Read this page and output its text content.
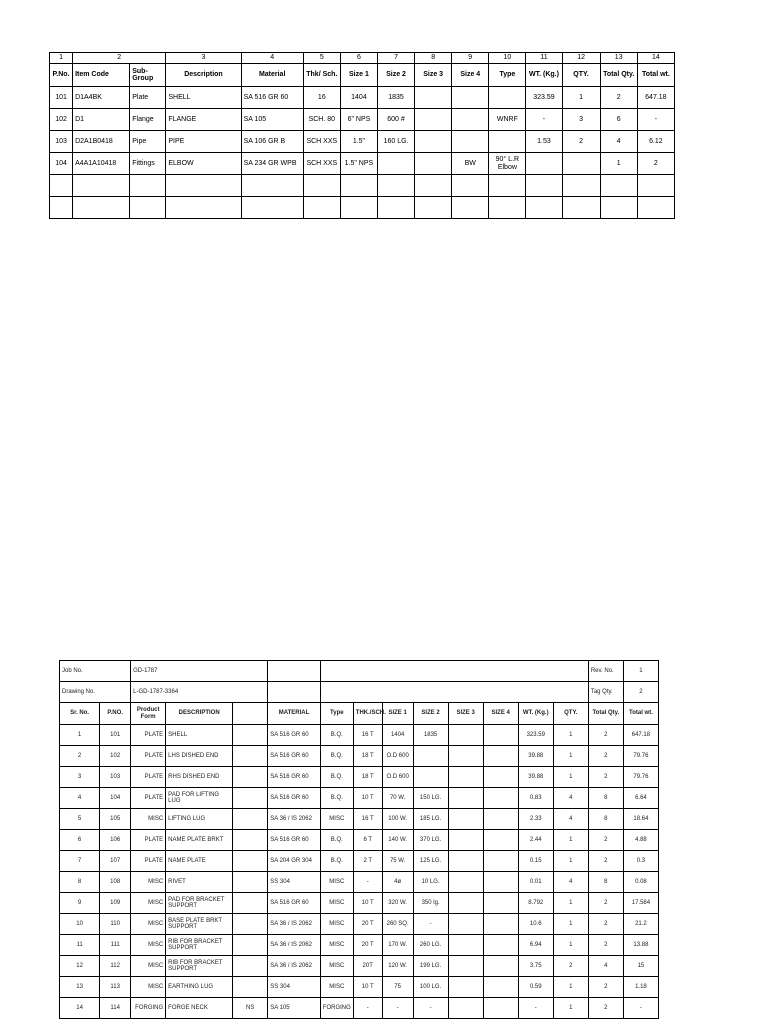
1	2		3	4	5	6	7	8	9	10	11	12	13	14
P.No.	Item Code	Sub-Group	Description	Material	Thk/ Sch.	Size 1	Size 2	Size 3	Size 4	Type	WT. (Kg.)	QTY.	Total Qty.	Total wt.
101	D1A4BK	Plate	SHELL	SA 516 GR 60	16	1404	1835				323.59	1	2	647.18
102	D1	Flange	FLANGE	SA 105	SCH. 80	6" NPS	600 #			WNRF	-	3	6	-
103	D2A1B0418	Pipe	PIPE	SA 106 GR B	SCH XXS	1.5"	160 LG.				1.53	2	4	6.12
104	A4A1A10418	Fittings	ELBOW	SA 234 GR WPB	SCH XXS	1.5" NPS			BW	90° L.R Elbow			1	2

Job No.		GD-1787												Rev. No.	1
Drawing No.		L-GD-1787-3364												Tag Qty.	2
Sr. No.	P.NO.	Product Form	DESCRIPTION		MATERIAL	Type	THK./SCH.	SIZE 1	SIZE 2	SIZE 3	SIZE 4	WT. (Kg.)	QTY.	Total Qty.	Total wt.
1	101	PLATE	SHELL		SA 516 GR 60	B.Q.	16 T	1404	1835			323.59	1	2	647.18
2	102	PLATE	LHS DISHED END		SA 516 GR 60	B.Q.	18 T	O.D 600				39.88	1	2	79.76
3	103	PLATE	RHS DISHED END		SA 516 GR 60	B.Q.	18 T	O.D 600				39.88	1	2	79.76
4	104	PLATE	PAD FOR LIFTING LUG		SA 516 GR 60	B.Q.	10 T	70 W.	150 LG.			0.83	4	8	6.64
5	105	MISC	LIFTING LUG		SA 36 / IS 2062	MISC	16 T	100 W.	185 LG.			2.33	4	8	18.64
6	106	PLATE	NAME PLATE BRKT		SA 516 GR 60	B.Q.	6 T	140 W.	370 LG.			2.44	1	2	4.88
7	107	PLATE	NAME PLATE		SA 204 GR 304	B.Q.	2 T	75 W.	125 LG.			0.15	1	2	0.3
8	108	MISC	RIVET		SS 304	MISC	-	4ø	10 LG.			0.01	4	8	0.08
9	109	MISC	PAD FOR BRACKET SUPPORT		SA 516 GR 60	MISC	10 T	320 W.	350 lg.			8.792	1	2	17.584
10	110	MISC	BASE PLATE BRKT SUPPORT		SA 36 / IS 2062	MISC	20 T	260 SQ.	-			10.6	1	2	21.2
11	111	MISC	RIB FOR BRACKET SUPPORT		SA 36 / IS 2062	MISC	20 T	170 W.	260 LG.			6.94	1	2	13.88
12	112	MISC	RIB FOR BRACKET SUPPORT		SA 36 / IS 2062	MISC	20T	120 W.	199 LG.			3.75	2	4	15
13	113	MISC	EARTHING LUG		SS 304	MISC	10 T	75	100 LG.			0.59	1	2	1.18
14	114	FORGING	FORGE NECK	NS	SA 105	FORGING	-	-	-			-	1	2	-
